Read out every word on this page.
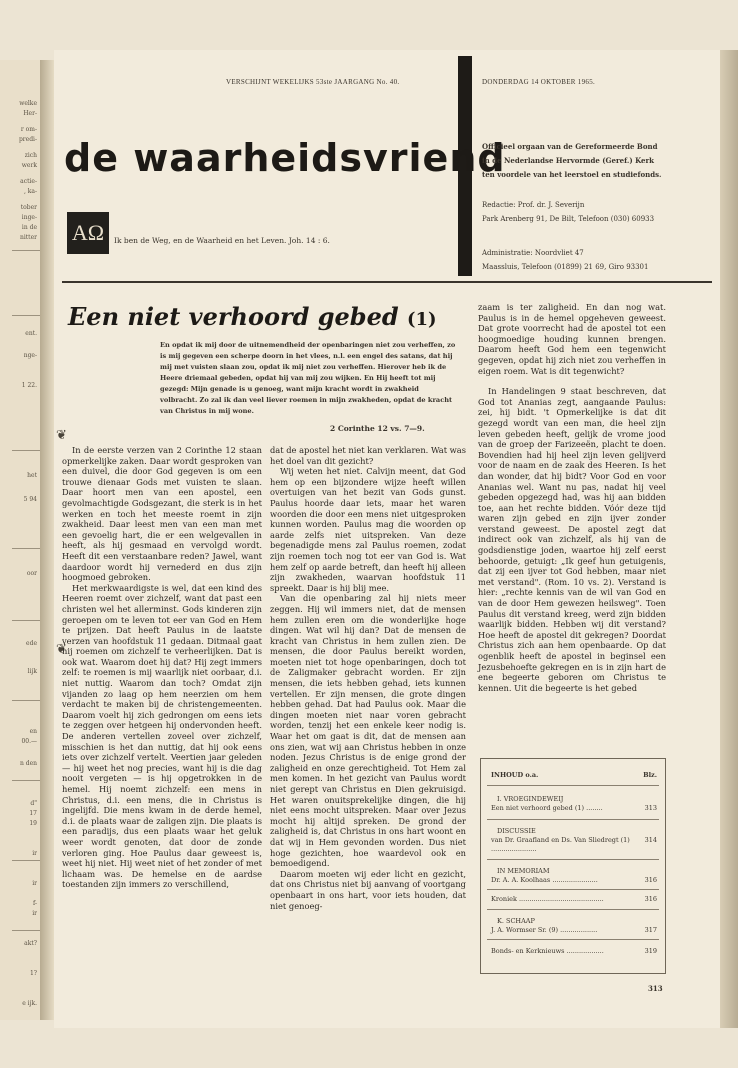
welke
Her-
r om-
predi-
zich
werk
actie-
, ka-
tober
inge-
in de
nitter
ent.
nge-
1 22.
het
5 94
oor
ede
lijk
en
00.—
n den
d"
17
19
ir
ir
f-
ir
akt?
1?
e ijk.
VERSCHIJNT WEKELIJKS 53ste JAARGANG No. 40.	DONDERDAG 14 OKTOBER 1965.
de waarheidsvriend
AΩ	Ik ben de Weg, en de Waarheid en het Leven. Joh. 14 : 6.
Officieel orgaan van de Gereformeerde Bond
in de Nederlandse Hervormde (Geref.) Kerk
ten voordele van het leerstoel en studiefonds.
Redactie: Prof. dr. J. Severijn
Park Arenberg 91, De Bilt, Telefoon (030) 60933
Administratie: Noordvliet 47
Maassluis, Telefoon (01899) 21 69, Giro 93301
Een niet verhoord gebed (1)
En opdat ik mij door de uitnemendheid der openbaringen niet zou verheffen, zo is mij gegeven een scherpe doorn in het vlees, n.l. een engel des satans, dat hij mij met vuisten slaan zou, opdat ik mij niet zou verheffen. Hierover heb ik de Heere driemaal gebeden, opdat hij van mij zou wijken. En Hij heeft tot mij gezegd: Mijn genade is u genoeg, want mijn kracht wordt in zwakheid volbracht. Zo zal ik dan veel liever roemen in mijn zwakheden, opdat de kracht van Christus in mij wone.
2 Corinthe 12 vs. 7—9.
❦
❦

In de eerste verzen van 2 Corinthe 12 staan opmerkelijke zaken. Daar wordt gesproken van een duivel, die door God gegeven is om een trouwe dienaar Gods met vuisten te slaan. Daar hoort men van een apostel, een gevolmachtigde Godsgezant, die sterk is in het werken en toch het meeste roemt in zijn zwakheid. Daar leest men van een man met een gevoelig hart, die er een welgevallen in heeft, als hij gesmaad en vervolgd wordt. Heeft dit een verstaanbare reden? Jawel, want daardoor wordt hij vernederd en dus zijn hoogmoed gebroken.

Het merkwaardigste is wel, dat een kind des Heeren roemt over zichzelf, want dat past een christen wel het allerminst. Gods kinderen zijn geroepen om te leven tot eer van God en Hem te prijzen. Dat heeft Paulus in de laatste verzen van hoofdstuk 11 gedaan. Ditmaal gaat hij roemen om zichzelf te verheerlijken. Dat is ook wat. Waarom doet hij dat? Hij zegt immers zelf: te roemen is mij waarlijk niet oorbaar, d.i. niet nuttig. Waarom dan toch? Omdat zijn vijanden zo laag op hem neerzien om hem verdacht te maken bij de christengemeenten. Daarom voelt hij zich gedrongen om eens iets te zeggen over hetgeen hij ondervonden heeft. De anderen vertellen zoveel over zichzelf, misschien is het dan nuttig, dat hij ook eens iets over zichzelf vertelt. Veertien jaar geleden — hij weet het nog precies, want hij is die dag nooit vergeten — is hij opgetrokken in de hemel. Hij noemt zichzelf: een mens in Christus, d.i. een mens, die in Christus is ingelijfd. Die mens kwam in de derde hemel, d.i. de plaats waar de zaligen zijn. Die plaats is een paradijs, dus een plaats waar het geluk weer wordt genoten, dat door de zonde verloren ging. Hoe Paulus daar geweest is, weet hij niet. Hij weet niet of het zonder of met lichaam was. De hemelse en de aardse toestanden zijn immers zo verschillend,

dat de apostel het niet kan verklaren. Wat was het doel van dit gezicht?

Wij weten het niet. Calvijn meent, dat God hem op een bijzondere wijze heeft willen overtuigen van het bezit van Gods gunst. Paulus hoorde daar iets, maar het waren woorden die door een mens niet uitgesproken kunnen worden. Paulus mag die woorden op aarde zelfs niet uitspreken. Van deze begenadigde mens zal Paulus roemen, zodat zijn roemen toch nog tot eer van God is. Wat hem zelf op aarde betreft, dan heeft hij alleen zijn zwakheden, waarvan hoofdstuk 11 spreekt. Daar is hij blij mee.

Van die openbaring zal hij niets meer zeggen. Hij wil immers niet, dat de mensen hem zullen eren om die wonderlijke hoge dingen. Wat wil hij dan? Dat de mensen de kracht van Christus in hem zullen zien. De mensen, die door Paulus bereikt worden, moeten niet tot hoge openbaringen, doch tot de Zaligmaker gebracht worden. Er zijn mensen, die iets hebben gehad, iets kunnen vertellen. Er zijn mensen, die grote dingen hebben gehad. Dat had Paulus ook. Maar die dingen moeten niet naar voren gebracht worden, tenzij het een enkele keer nodig is. Waar het om gaat is dit, dat de mensen aan ons zien, wat wij aan Christus hebben in onze noden. Jezus Christus is de enige grond der zaligheid en onze gerechtigheid. Tot Hem zal men komen. In het gezicht van Paulus wordt niet gerept van Christus en Dien gekruisigd. Het waren onuitsprekelijke dingen, die hij niet eens mocht uitspreken. Maar over Jezus mocht hij altijd spreken. De grond der zaligheid is, dat Christus in ons hart woont en dat wij in Hem gevonden worden. Dus niet hoge gezichten, hoe waardevol ook en bemoedigend.

Daarom moeten wij eder licht en gezicht, dat ons Christus niet bij aanvang of voortgang openbaart in ons hart, voor iets houden, dat niet genoeg-

zaam is ter zaligheid. En dan nog wat. Paulus is in de hemel opgeheven geweest. Dat grote voorrecht had de apostel tot een hoogmoedige houding kunnen brengen. Daarom heeft God hem een tegenwicht gegeven, opdat hij zich niet zou verheffen in eigen roem. Wat is dit tegenwicht?

In Handelingen 9 staat beschreven, dat God tot Ananias zegt, aangaande Paulus: zei, hij bidt. 't Opmerkelijke is dat dit gezegd wordt van een man, die heel zijn leven gebeden heeft, gelijk de vrome jood van de groep der Farizeeën, placht te doen. Bovendien had hij heel zijn leven gelijverd voor de naam en de zaak des Heeren. Is het dan wonder, dat hij bidt? Voor God en voor Ananias wel. Want nu pas, nadat hij veel gebeden opgezegd had, was hij aan bidden toe, aan het rechte bidden. Vóór deze tijd waren zijn gebed en zijn ijver zonder verstand geweest. De apostel zegt dat indirect ook van zichzelf, als hij van de godsdienstige joden, waartoe hij zelf eerst behoorde, getuigt: „Ik geef hun getuigenis, dat zij een ijver tot God hebben, maar niet met verstand". (Rom. 10 vs. 2). Verstand is hier: „rechte kennis van de wil van God en van de door Hem gewezen heilsweg". Toen Paulus dit verstand kreeg, werd zijn bidden waarlijk bidden. Hebben wij dit verstand? Hoe heeft de apostel dit gekregen? Doordat Christus zich aan hem openbaarde. Op dat ogenblik heeft de apostel in beginsel een Jezusbehoefte gekregen en is in zijn hart de ene begeerte geboren om Christus te kennen. Uit die begeerte is het gebed

INHOUD o.a.	Blz.
I. VROEGINDEWEIJ
Een niet verhoord gebed (1) ........	313
DISCUSSIE
van Dr. Graafland en Ds. Van Sliedregt (1) ......................
314
IN MEMORIAM
Dr. A. A. Koolhaas ......................	316
Kroniek .........................................	316
K. SCHAAP
J. A. Wormser Sr. (9) ..................	317
Bonds- en Kerknieuws ..................	319
313
